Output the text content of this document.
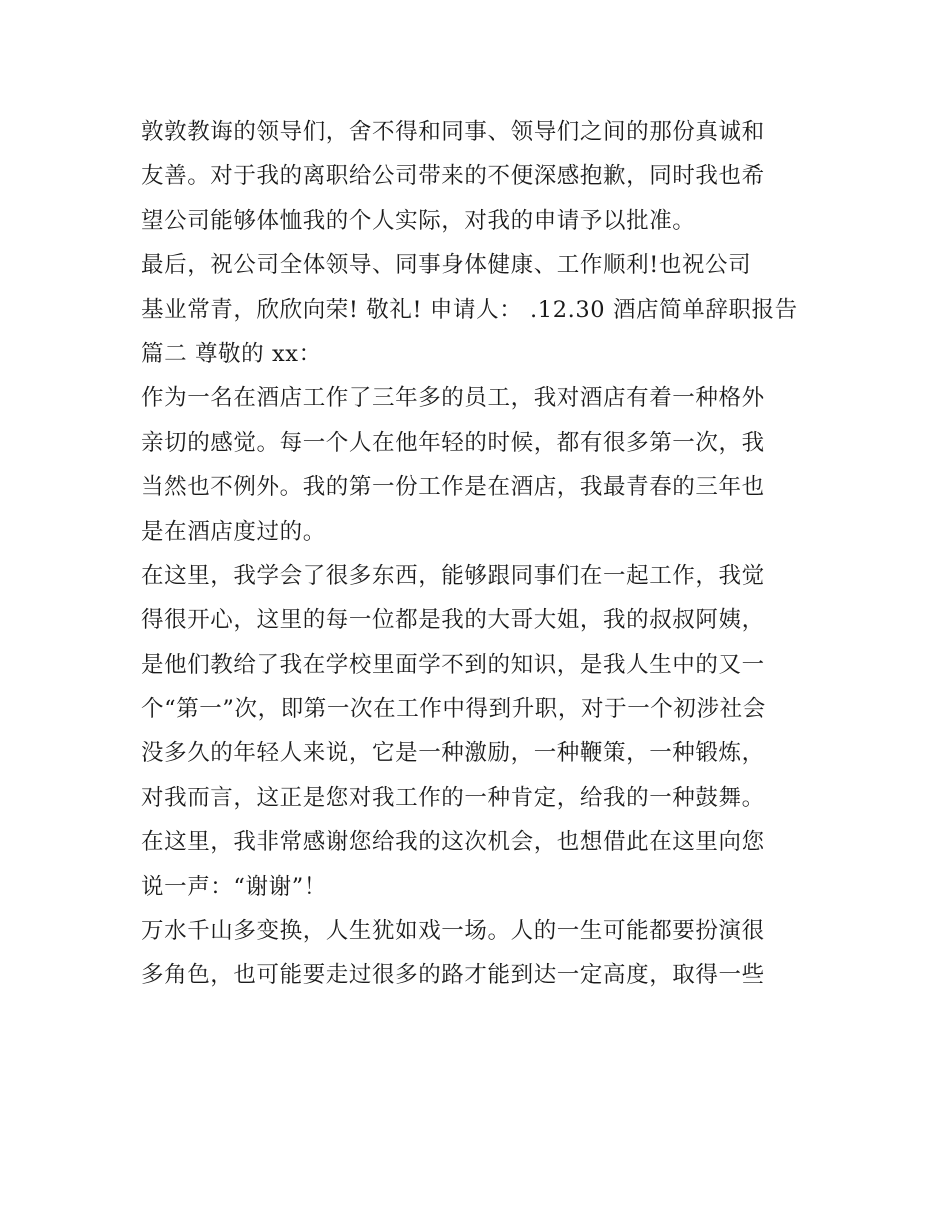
敦敦教诲的领导们，舍不得和同事、领导们之间的那份真诚和
友善。对于我的离职给公司带来的不便深感抱歉，同时我也希
望公司能够体恤我的个人实际，对我的申请予以批准。
最后，祝公司全体领导、同事身体健康、工作顺利!也祝公司
基业常青，欣欣向荣! 敬礼! 申请人： .12.30 酒店简单辞职报告
篇二 尊敬的 xx：
作为一名在酒店工作了三年多的员工，我对酒店有着一种格外
亲切的感觉。每一个人在他年轻的时候，都有很多第一次，我
当然也不例外。我的第一份工作是在酒店，我最青春的三年也
是在酒店度过的。
在这里，我学会了很多东西，能够跟同事们在一起工作，我觉
得很开心，这里的每一位都是我的大哥大姐，我的叔叔阿姨，
是他们教给了我在学校里面学不到的知识，是我人生中的又一
个“第一”次，即第一次在工作中得到升职，对于一个初涉社会
没多久的年轻人来说，它是一种激励，一种鞭策，一种锻炼，
对我而言，这正是您对我工作的一种肯定，给我的一种鼓舞。
在这里，我非常感谢您给我的这次机会，也想借此在这里向您
说一声：“谢谢”！
万水千山多变换，人生犹如戏一场。人的一生可能都要扮演很
多角色，也可能要走过很多的路才能到达一定高度，取得一些
